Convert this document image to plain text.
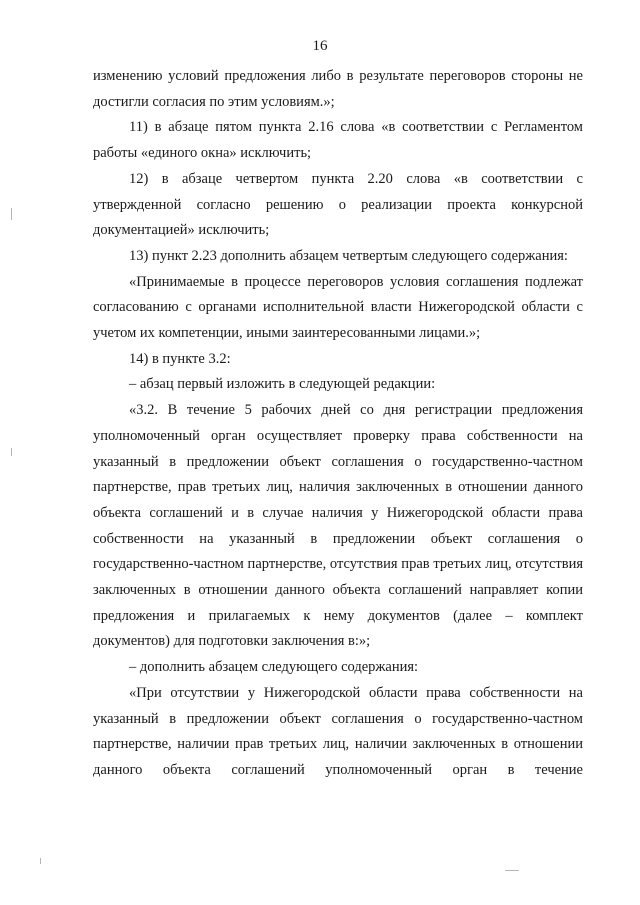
16

изменению условий предложения либо в результате переговоров стороны не достигли согласия по этим условиям.»;

11) в абзаце пятом пункта 2.16 слова «в соответствии с Регламентом работы «единого окна» исключить;

12) в абзаце четвертом пункта 2.20 слова «в соответствии с утвержденной согласно решению о реализации проекта конкурсной документацией» исключить;

13) пункт 2.23 дополнить абзацем четвертым следующего содержания:

«Принимаемые в процессе переговоров условия соглашения подлежат согласованию с органами исполнительной власти Нижегородской области с учетом их компетенции, иными заинтересованными лицами.»;

14) в пункте 3.2:

– абзац первый изложить в следующей редакции:

«3.2. В течение 5 рабочих дней со дня регистрации предложения уполномоченный орган осуществляет проверку права собственности на указанный в предложении объект соглашения о государственно-частном партнерстве, прав третьих лиц, наличия заключенных в отношении данного объекта соглашений и в случае наличия у Нижегородской области права собственности на указанный в предложении объект соглашения о государственно-частном партнерстве, отсутствия прав третьих лиц, отсутствия заключенных в отношении данного объекта соглашений направляет копии предложения и прилагаемых к нему документов (далее – комплект документов) для подготовки заключения в:»;

– дополнить абзацем следующего содержания:

«При отсутствии у Нижегородской области права собственности на указанный в предложении объект соглашения о государственно-частном партнерстве, наличии прав третьих лиц, наличии заключенных в отношении данного объекта соглашений уполномоченный орган в течение
